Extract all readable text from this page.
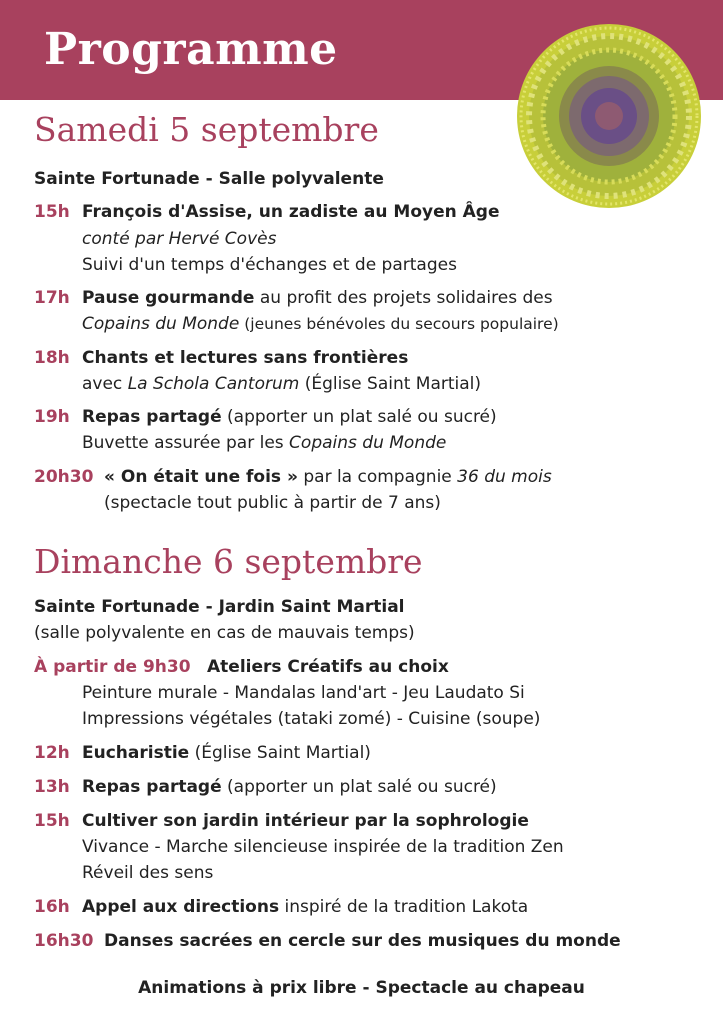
Programme
Samedi 5 septembre
Sainte Fortunade - Salle polyvalente
15h François d'Assise, un zadiste au Moyen Âge
conté par Hervé Covès
Suivi d'un temps d'échanges et de partages
17h Pause gourmande au profit des projets solidaires des
Copains du Monde (jeunes bénévoles du secours populaire)
18h Chants et lectures sans frontières
avec La Schola Cantorum (Église Saint Martial)
19h Repas partagé (apporter un plat salé ou sucré)
Buvette assurée par les Copains du Monde
20h30 « On était une fois » par la compagnie 36 du mois
(spectacle tout public à partir de 7 ans)
Dimanche 6 septembre
Sainte Fortunade - Jardin Saint Martial
(salle polyvalente en cas de mauvais temps)
À partir de 9h30 Ateliers Créatifs au choix
Peinture murale - Mandalas land'art - Jeu Laudato Si
Impressions végétales (tataki zomé) - Cuisine (soupe)
12h Eucharistie (Église Saint Martial)
13h Repas partagé (apporter un plat salé ou sucré)
15h Cultiver son jardin intérieur par la sophrologie
Vivance - Marche silencieuse inspirée de la tradition Zen
Réveil des sens
16h Appel aux directions inspiré de la tradition Lakota
16h30 Danses sacrées en cercle sur des musiques du monde
Animations à prix libre - Spectacle au chapeau
